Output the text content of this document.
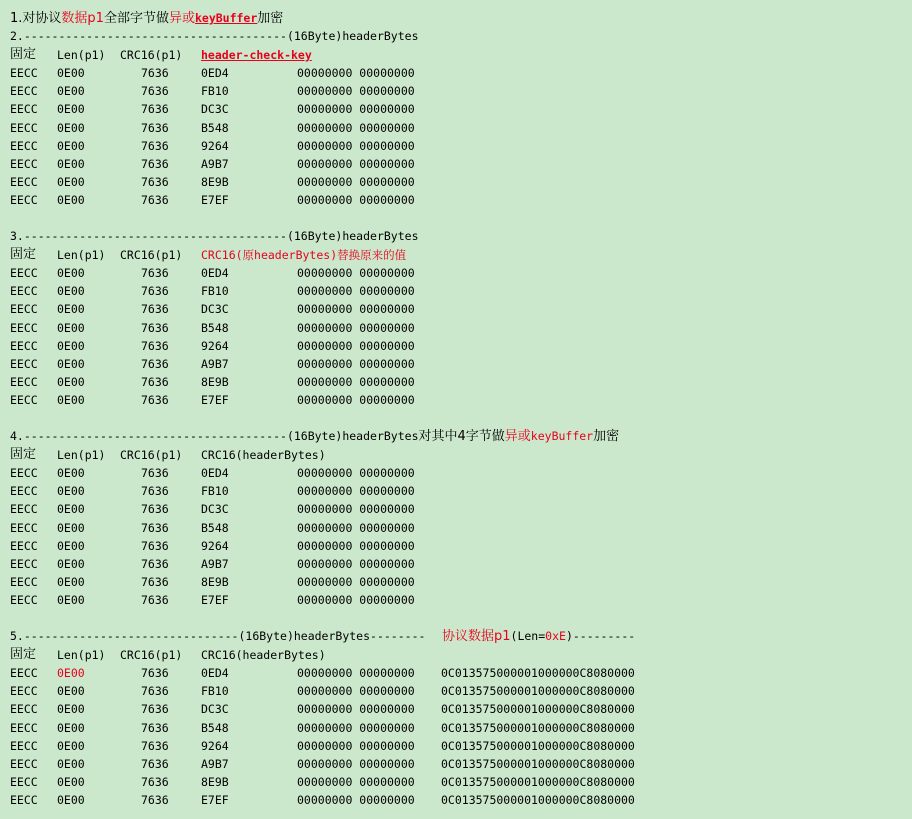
1.对协议数据p1全部字节做异或keyBuffer加密
2.--------------------------------------(16Byte)headerBytes
固定 Len(p1) CRC16(p1) header-check-key
EECC 0E00	7636	0ED4	00000000 00000000
EECC 0E00	7636	FB10	00000000 00000000
EECC 0E00	7636	DC3C	00000000 00000000
EECC 0E00	7636	B548	00000000 00000000
EECC 0E00	7636	9264	00000000 00000000
EECC 0E00	7636	A9B7	00000000 00000000
EECC 0E00	7636	8E9B	00000000 00000000
EECC 0E00	7636	E7EF	00000000 00000000
3.--------------------------------------(16Byte)headerBytes
固定 Len(p1) CRC16(p1) CRC16(原headerBytes)替换原来的值
EECC 0E00	7636	0ED4	00000000 00000000
EECC 0E00	7636	FB10	00000000 00000000
EECC 0E00	7636	DC3C	00000000 00000000
EECC 0E00	7636	B548	00000000 00000000
EECC 0E00	7636	9264	00000000 00000000
EECC 0E00	7636	A9B7	00000000 00000000
EECC 0E00	7636	8E9B	00000000 00000000
EECC 0E00	7636	E7EF	00000000 00000000
4.--------------------------------------(16Byte)headerBytes对其中4字节做异或keyBuffer加密
固定 Len(p1) CRC16(p1) CRC16(headerBytes)
EECC 0E00	7636	0ED4	00000000 00000000
EECC 0E00	7636	FB10	00000000 00000000
EECC 0E00	7636	DC3C	00000000 00000000
EECC 0E00	7636	B548	00000000 00000000
EECC 0E00	7636	9264	00000000 00000000
EECC 0E00	7636	A9B7	00000000 00000000
EECC 0E00	7636	8E9B	00000000 00000000
EECC 0E00	7636	E7EF	00000000 00000000
5.-------------------------------(16Byte)headerBytes-------- 协议数据p1(Len=0xE)---------
固定 Len(p1) CRC16(p1) CRC16(headerBytes)
EECC 0E00	7636	0ED4	00000000 00000000 0C013575000001000000C8080000
EECC 0E00	7636	FB10	00000000 00000000 0C013575000001000000C8080000
EECC 0E00	7636	DC3C	00000000 00000000 0C013575000001000000C8080000
EECC 0E00	7636	B548	00000000 00000000 0C013575000001000000C8080000
EECC 0E00	7636	9264	00000000 00000000 0C013575000001000000C8080000
EECC 0E00	7636	A9B7	00000000 00000000 0C013575000001000000C8080000
EECC 0E00	7636	8E9B	00000000 00000000 0C013575000001000000C8080000
EECC 0E00	7636	E7EF	00000000 00000000 0C013575000001000000C8080000
